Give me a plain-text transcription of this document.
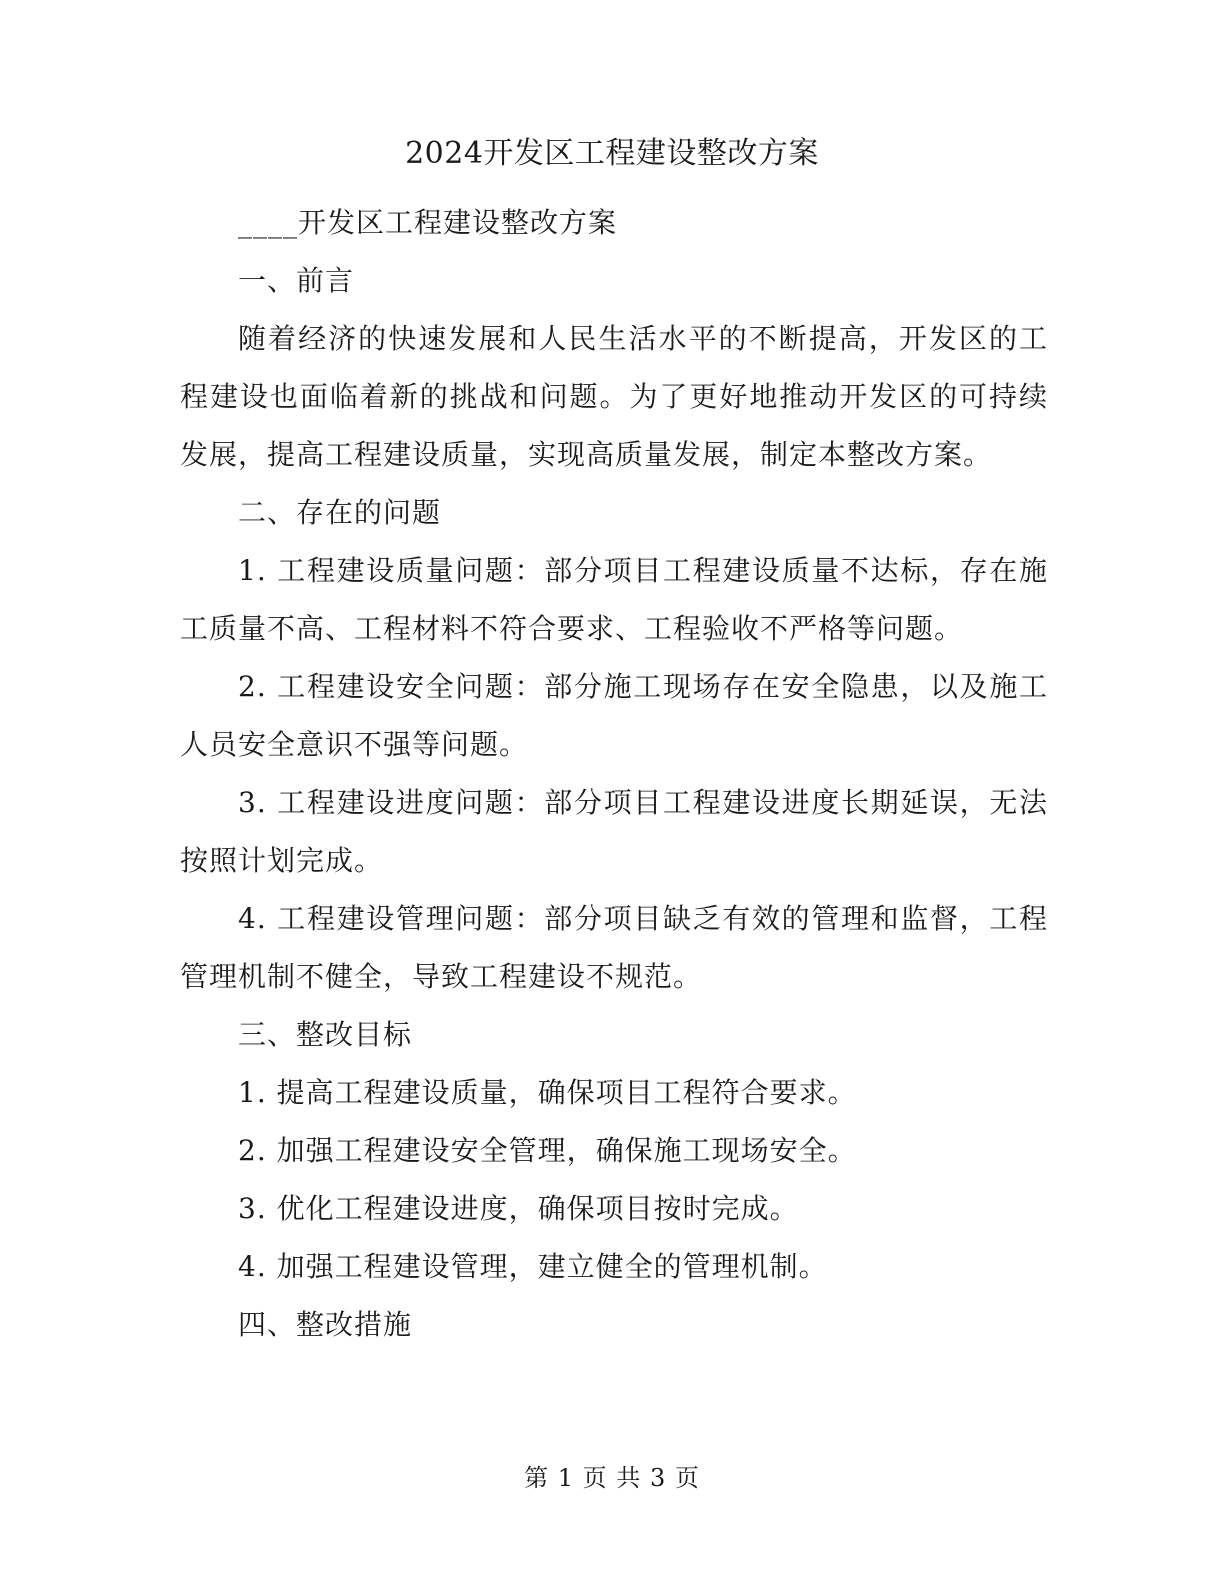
2024开发区工程建设整改方案

____开发区工程建设整改方案

一、前言

随着经济的快速发展和人民生活水平的不断提高，开发区的工程建设也面临着新的挑战和问题。为了更好地推动开发区的可持续发展，提高工程建设质量，实现高质量发展，制定本整改方案。

二、存在的问题

1. 工程建设质量问题：部分项目工程建设质量不达标，存在施工质量不高、工程材料不符合要求、工程验收不严格等问题。

2. 工程建设安全问题：部分施工现场存在安全隐患，以及施工人员安全意识不强等问题。

3. 工程建设进度问题：部分项目工程建设进度长期延误，无法按照计划完成。

4. 工程建设管理问题：部分项目缺乏有效的管理和监督，工程管理机制不健全，导致工程建设不规范。

三、整改目标

1. 提高工程建设质量，确保项目工程符合要求。

2. 加强工程建设安全管理，确保施工现场安全。

3. 优化工程建设进度，确保项目按时完成。

4. 加强工程建设管理，建立健全的管理机制。

四、整改措施

第 1 页 共 3 页
